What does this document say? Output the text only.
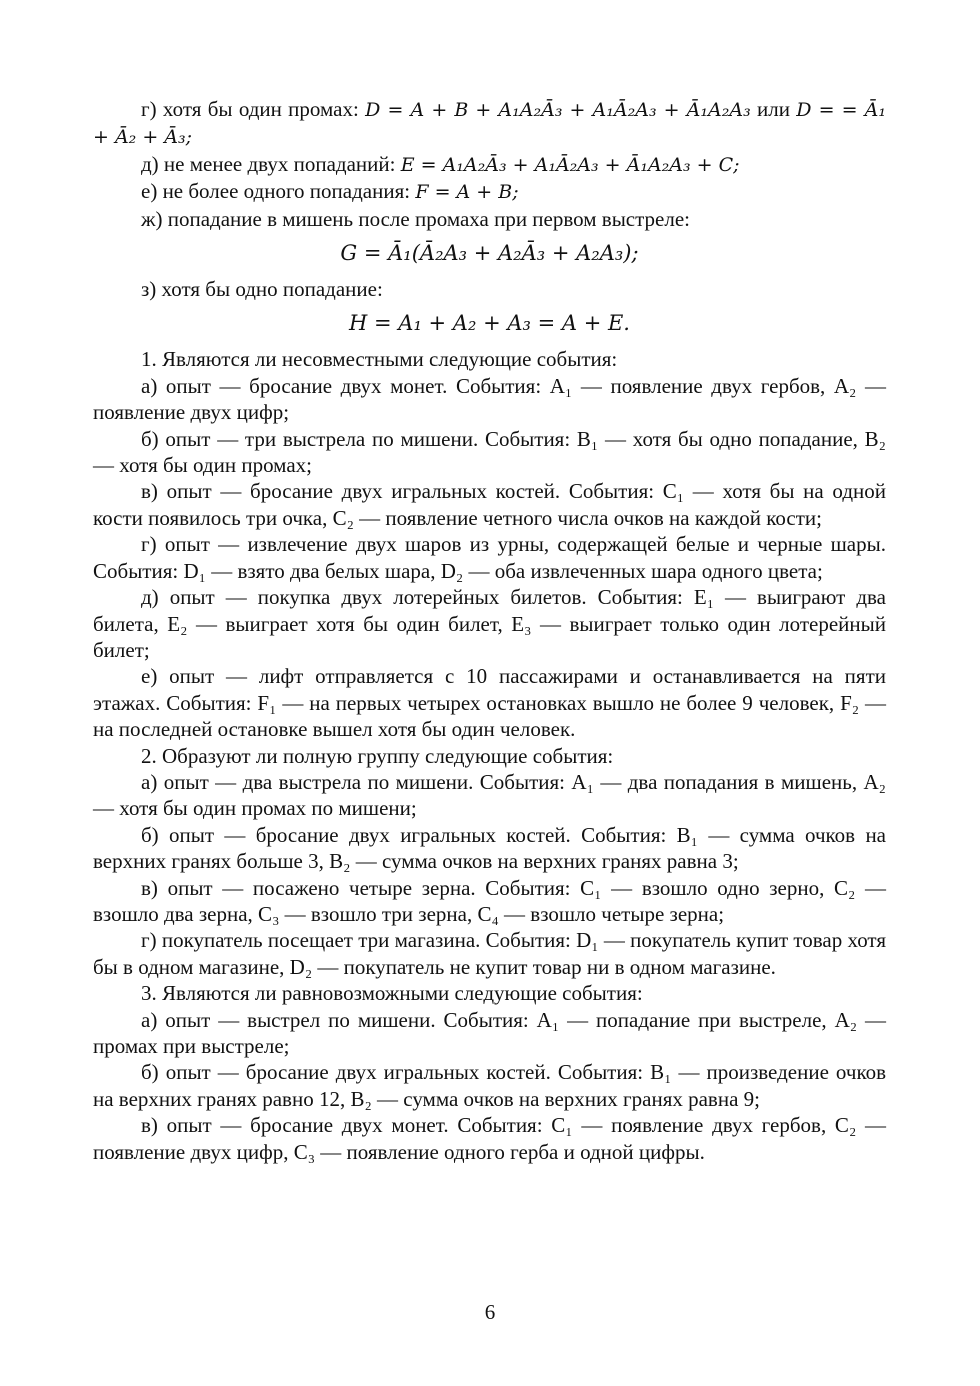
г) хотя бы один промах: D = A + B + A₁A₂Ā₃ + A₁Ā₂A₃ + Ā₁A₂A₃ или D = = Ā₁ + Ā₂ + Ā₃;

д) не менее двух попаданий: E = A₁A₂Ā₃ + A₁Ā₂A₃ + Ā₁A₂A₃ + C;

е) не более одного попадания: F = A + B;

ж) попадание в мишень после промаха при первом выстреле:

G = Ā₁(Ā₂A₃ + A₂Ā₃ + A₂A₃);

з) хотя бы одно попадание:

H = A₁ + A₂ + A₃ = A + E.

1. Являются ли несовместными следующие события:

а) опыт — бросание двух монет. События: A₁ — появление двух гербов, A₂ — появление двух цифр;

б) опыт — три выстрела по мишени. События: B₁ — хотя бы одно попадание, B₂ — хотя бы один промах;

в) опыт — бросание двух игральных костей. События: C₁ — хотя бы на одной кости появилось три очка, C₂ — появление четного числа очков на каждой кости;

г) опыт — извлечение двух шаров из урны, содержащей белые и черные шары. События: D₁ — взято два белых шара, D₂ — оба извлеченных шара одного цвета;

д) опыт — покупка двух лотерейных билетов. События: E₁ — выиграют два билета, E₂ — выиграет хотя бы один билет, E₃ — выиграет только один лотерейный билет;

е) опыт — лифт отправляется с 10 пассажирами и останавливается на пяти этажах. События: F₁ — на первых четырех остановках вышло не более 9 человек, F₂ — на последней остановке вышел хотя бы один человек.

2. Образуют ли полную группу следующие события:

а) опыт — два выстрела по мишени. События: A₁ — два попадания в мишень, A₂ — хотя бы один промах по мишени;

б) опыт — бросание двух игральных костей. События: B₁ — сумма очков на верхних гранях больше 3, B₂ — сумма очков на верхних гранях равна 3;

в) опыт — посажено четыре зерна. События: C₁ — взошло одно зерно, C₂ — взошло два зерна, C₃ — взошло три зерна, C₄ — взошло четыре зерна;

г) покупатель посещает три магазина. События: D₁ — покупатель купит товар хотя бы в одном магазине, D₂ — покупатель не купит товар ни в одном магазине.

3. Являются ли равновозможными следующие события:

а) опыт — выстрел по мишени. События: A₁ — попадание при выстреле, A₂ — промах при выстреле;

б) опыт — бросание двух игральных костей. События: B₁ — произведение очков на верхних гранях равно 12, B₂ — сумма очков на верхних гранях равна 9;

в) опыт — бросание двух монет. События: C₁ — появление двух гербов, C₂ — появление двух цифр, C₃ — появление одного герба и одной цифры.

6
